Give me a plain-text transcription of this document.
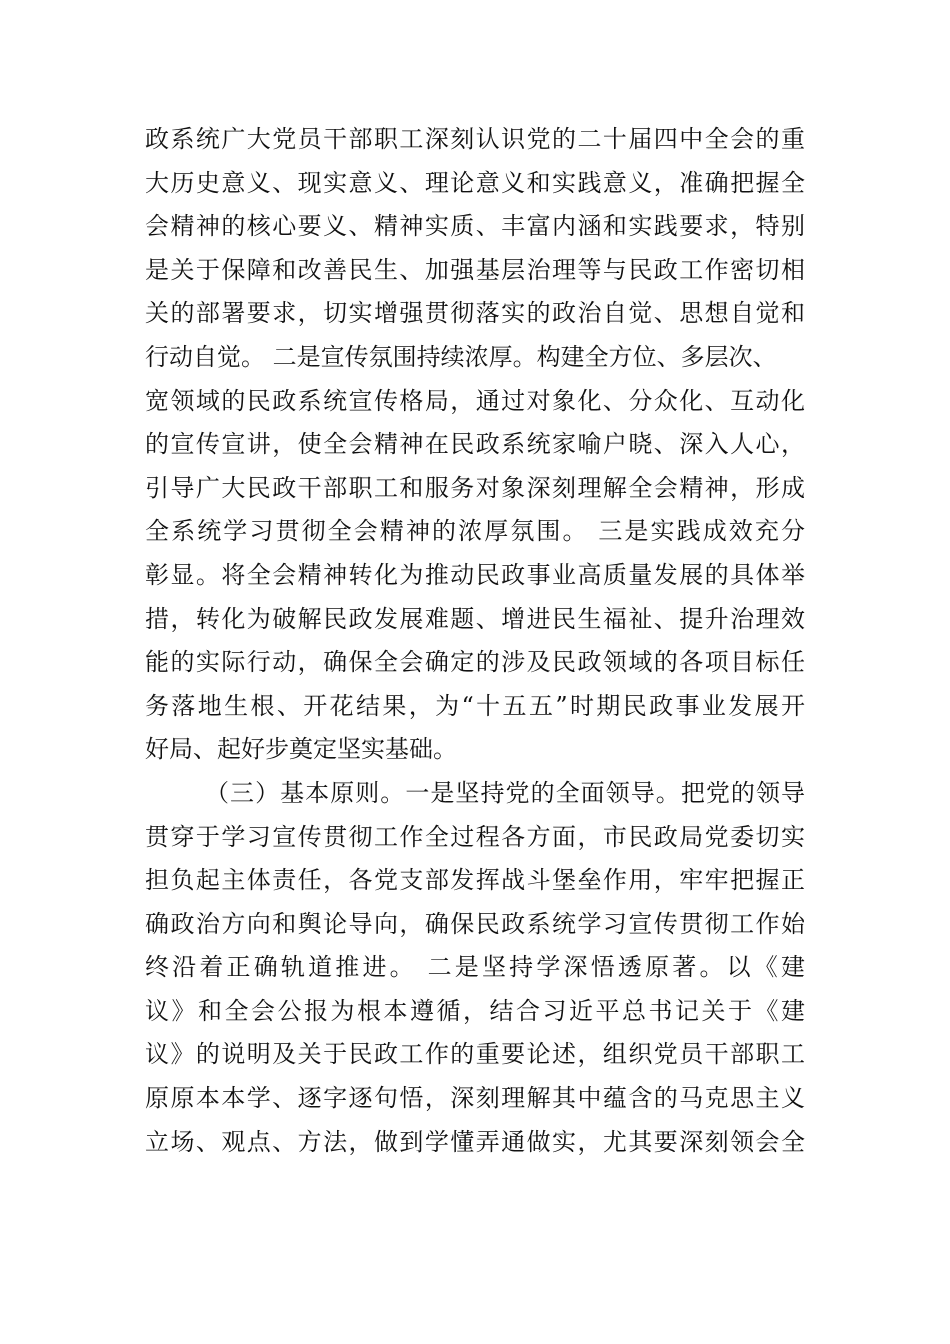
政系统广大党员干部职工深刻认识党的二十届四中全会的重
大历史意义、现实意义、理论意义和实践意义，准确把握全
会精神的核心要义、精神实质、丰富内涵和实践要求，特别
是关于保障和改善民生、加强基层治理等与民政工作密切相
关的部署要求，切实增强贯彻落实的政治自觉、思想自觉和
行动自觉。 二是宣传氛围持续浓厚。构建全方位、多层次、
宽领域的民政系统宣传格局，通过对象化、分众化、互动化
的宣传宣讲，使全会精神在民政系统家喻户晓、深入人心，
引导广大民政干部职工和服务对象深刻理解全会精神，形成
全系统学习贯彻全会精神的浓厚氛围。 三是实践成效充分
彰显。将全会精神转化为推动民政事业高质量发展的具体举
措，转化为破解民政发展难题、增进民生福祉、提升治理效
能的实际行动，确保全会确定的涉及民政领域的各项目标任
务落地生根、开花结果，为“十五五”时期民政事业发展开
好局、起好步奠定坚实基础。
（三）基本原则。一是坚持党的全面领导。把党的领导
贯穿于学习宣传贯彻工作全过程各方面，市民政局党委切实
担负起主体责任，各党支部发挥战斗堡垒作用，牢牢把握正
确政治方向和舆论导向，确保民政系统学习宣传贯彻工作始
终沿着正确轨道推进。 二是坚持学深悟透原著。以《建
议》和全会公报为根本遵循，结合习近平总书记关于《建
议》的说明及关于民政工作的重要论述，组织党员干部职工
原原本本学、逐字逐句悟，深刻理解其中蕴含的马克思主义
立场、观点、方法，做到学懂弄通做实，尤其要深刻领会全
